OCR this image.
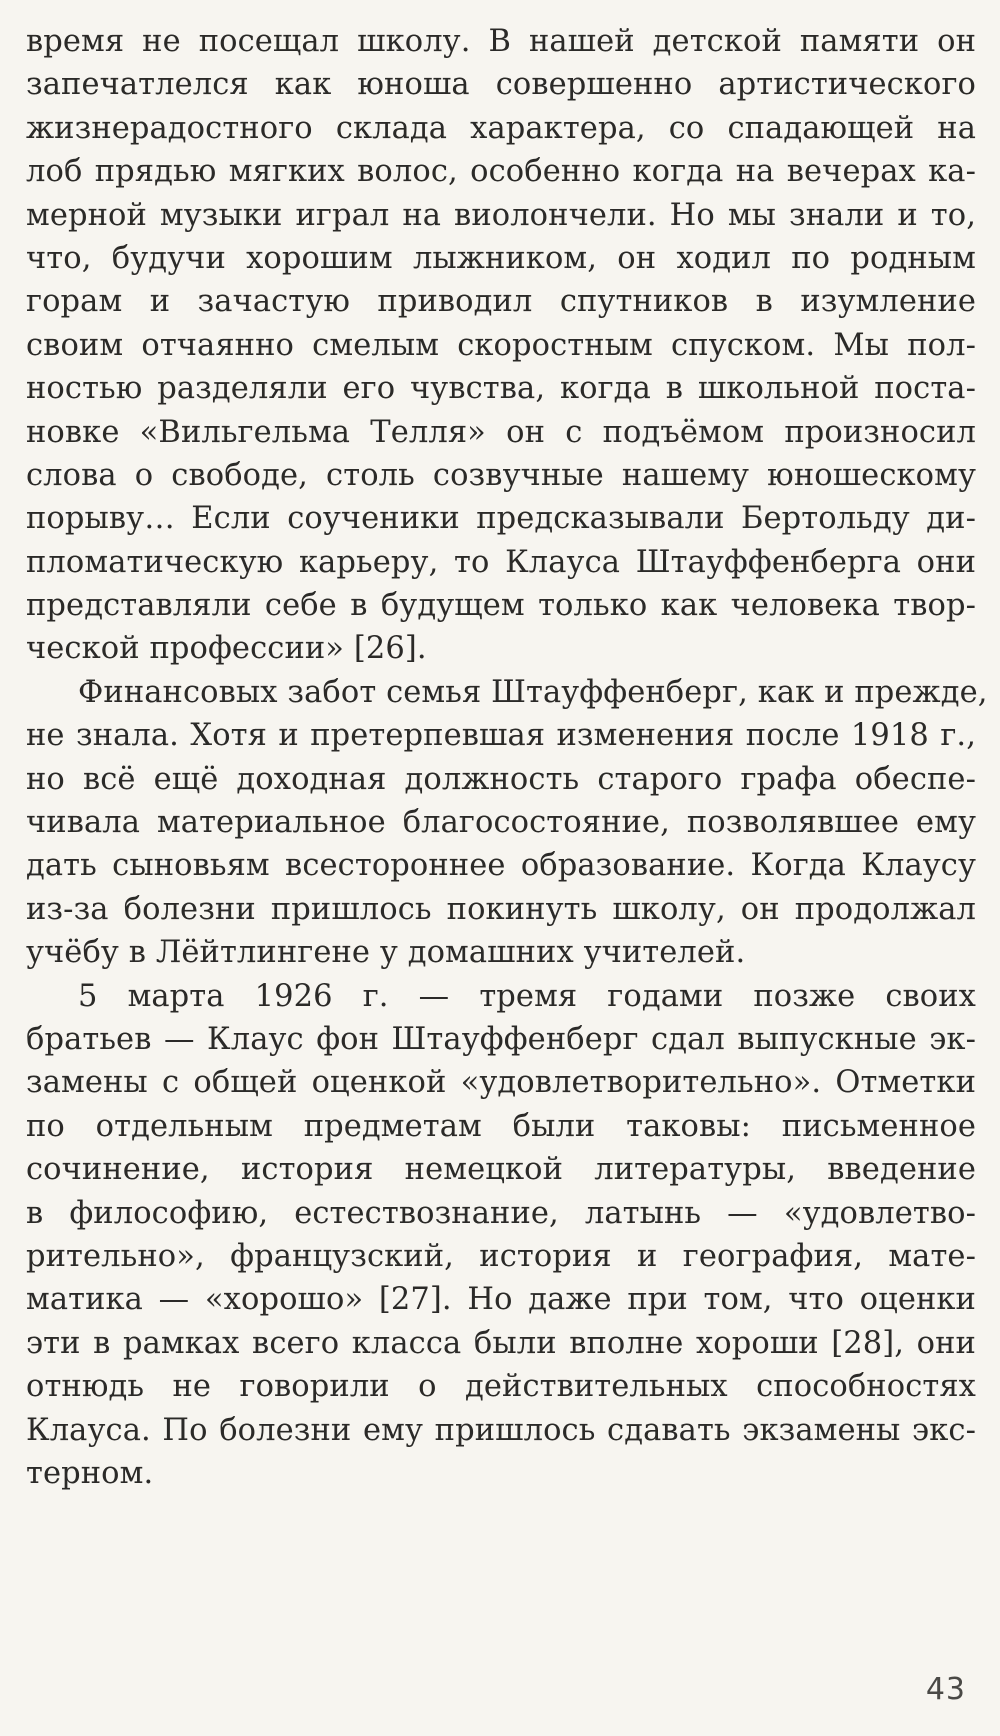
время не посещал школу. В нашей детской памяти он
запечатлелся как юноша совершенно артистического
жизнерадостного склада характера, со спадающей на
лоб прядью мягких волос, особенно когда на вечерах ка-
мерной музыки играл на виолончели. Но мы знали и то,
что, будучи хорошим лыжником, он ходил по родным
горам и зачастую приводил спутников в изумление
своим отчаянно смелым скоростным спуском. Мы пол-
ностью разделяли его чувства, когда в школьной поста-
новке «Вильгельма Телля» он с подъёмом произносил
слова о свободе, столь созвучные нашему юношескому
порыву… Если соученики предсказывали Бертольду ди-
пломатическую карьеру, то Клауса Штауффенберга они
представляли себе в будущем только как человека твор-
ческой профессии» [26].
Финансовых забот семья Штауффенберг, как и прежде,
не знала. Хотя и претерпевшая изменения после 1918 г.,
но всё ещё доходная должность старого графа обеспе-
чивала материальное благосостояние, позволявшее ему
дать сыновьям всестороннее образование. Когда Клаусу
из-за болезни пришлось покинуть школу, он продолжал
учёбу в Лёйтлингене у домашних учителей.
5 марта 1926 г. — тремя годами позже своих
братьев — Клаус фон Штауффенберг сдал выпускные эк-
замены с общей оценкой «удовлетворительно». Отметки
по отдельным предметам были таковы: письменное
сочинение, история немецкой литературы, введение
в философию, естествознание, латынь — «удовлетво-
рительно», французский, история и география, мате-
матика — «хорошо» [27]. Но даже при том, что оценки
эти в рамках всего класса были вполне хороши [28], они
отнюдь не говорили о действительных способностях
Клауса. По болезни ему пришлось сдавать экзамены экс-
терном.
43
